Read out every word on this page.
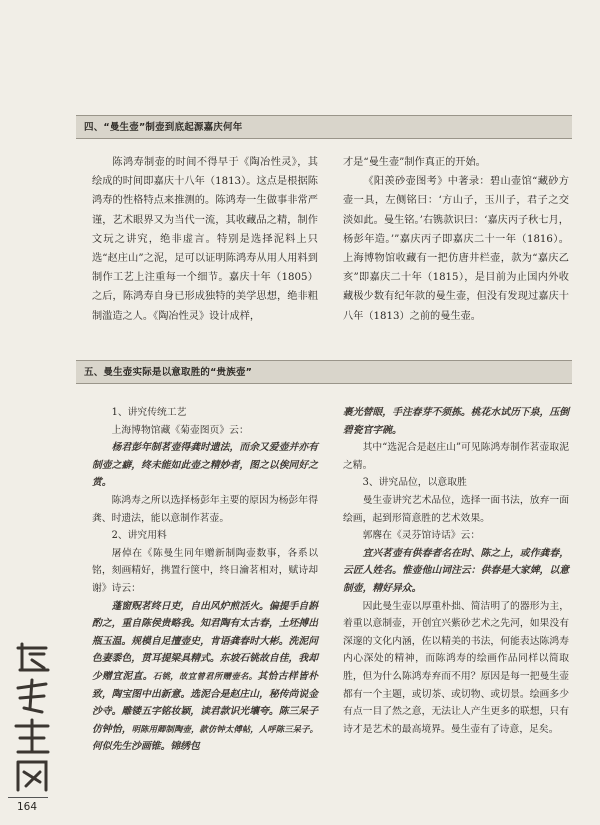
四、“曼生壶”制壶到底起源嘉庆何年

陈鸿寿制壶的时间不得早于《陶冶性灵》，其绘成的时间即嘉庆十八年（1813）。这点是根据陈鸿寿的性格特点来推测的。陈鸿寿一生做事非常严谨，艺术眼界又为当代一流，其收藏品之精，制作文玩之讲究，绝非虚言。特别是选择泥料上只选“赵庄山”之泥，足可以证明陈鸿寿从用人用料到制作工艺上注重每一个细节。嘉庆十年（1805）之后，陈鸿寿自身已形成独特的美学思想，绝非粗制滥造之人。《陶冶性灵》设计成样，

才是“曼生壶”制作真正的开始。

《阳羡砂壶图考》中著录：碧山壶馆“藏砂方壶一具，左侧铭曰：‘方山子，玉川子，君子之交淡如此。曼生铭。’右镌款识曰：‘嘉庆丙子秋七月，杨彭年造。’”嘉庆丙子即嘉庆二十一年（1816）。上海博物馆收藏有一把仿唐井栏壶，款为“嘉庆乙亥”即嘉庆二十年（1815），是目前为止国内外收藏极少数有纪年款的曼生壶，但没有发现过嘉庆十八年（1813）之前的曼生壶。

五、曼生壶实际是以意取胜的“贵族壶”

1、讲究传统工艺

上海博物馆藏《菊壶图页》云：

杨君彭年制茗壶得龚时遗法，而余又爱壶并亦有制壶之癖，终未能如此壶之精妙者，图之以俟同好之赏。

陈鸿寿之所以选择杨彭年主要的原因为杨彭年得龚、时遗法，能以意制作茗壶。

2、讲究用料

屠倬在《陈曼生同年赠新制陶壶数事，各系以铭，刻画精好，携置行箧中，终日瀹茗相对，赋诗却谢》诗云：

蓬窗贶茗终日吏，自出风炉煎活火。偏提手自斟酌之，重自陈侯贵略我。知君陶有太古春，土坯搏出瓶玉温。规模自足擅壶史，肯语龚春时大彬。洗泥问色妻黍色，贯耳提梁具精式。东坡石铫故自佳，我却少赠宜泥直。石铫，故宜曾君所赠壶名。其恰古样皆朴致，陶宝图中出新意。选泥合是赵庄山，秘传尚说金沙寺。雕镂五字铭妆颖，读君款识光壤夸。陈三呆子仿钟怡，明陈用卿制陶壶，款仿钟太傅帖，人呼陈三呆子。何似先生沙画锥。锦绣包

裹光替眼，手注春芽不须拣。桃花水试历下泉，压倒碧瓷官字碗。

其中“选泥合是赵庄山”可见陈鸿寿制作茗壶取泥之精。

3、讲究品位，以意取胜

曼生壶讲究艺术品位，选择一面书法，放弃一面绘画，起到形简意胜的艺术效果。

郭麐在《灵芬馆诗话》云：

宜兴茗壶有供春者名在时、陈之上，或作龚春，云匠人姓名。惟壶他山词注云：供春是大家婢，以意制壶，精好异众。

因此曼生壶以厚重朴拙、简洁明了的器形为主，着重以意制壶，开创宜兴紫砂艺术之先河，如果没有深邃的文化内涵，佐以精美的书法，何能表达陈鸿寿内心深处的精神，而陈鸿寿的绘画作品同样以简取胜，但为什么陈鸿寿弃而不用？原因是每一把曼生壶都有一个主题，或切茶、或切物、或切景。绘画多少有点一目了然之意，无法让人产生更多的联想，只有诗才是艺术的最高境界。曼生壶有了诗意，足矣。

164
